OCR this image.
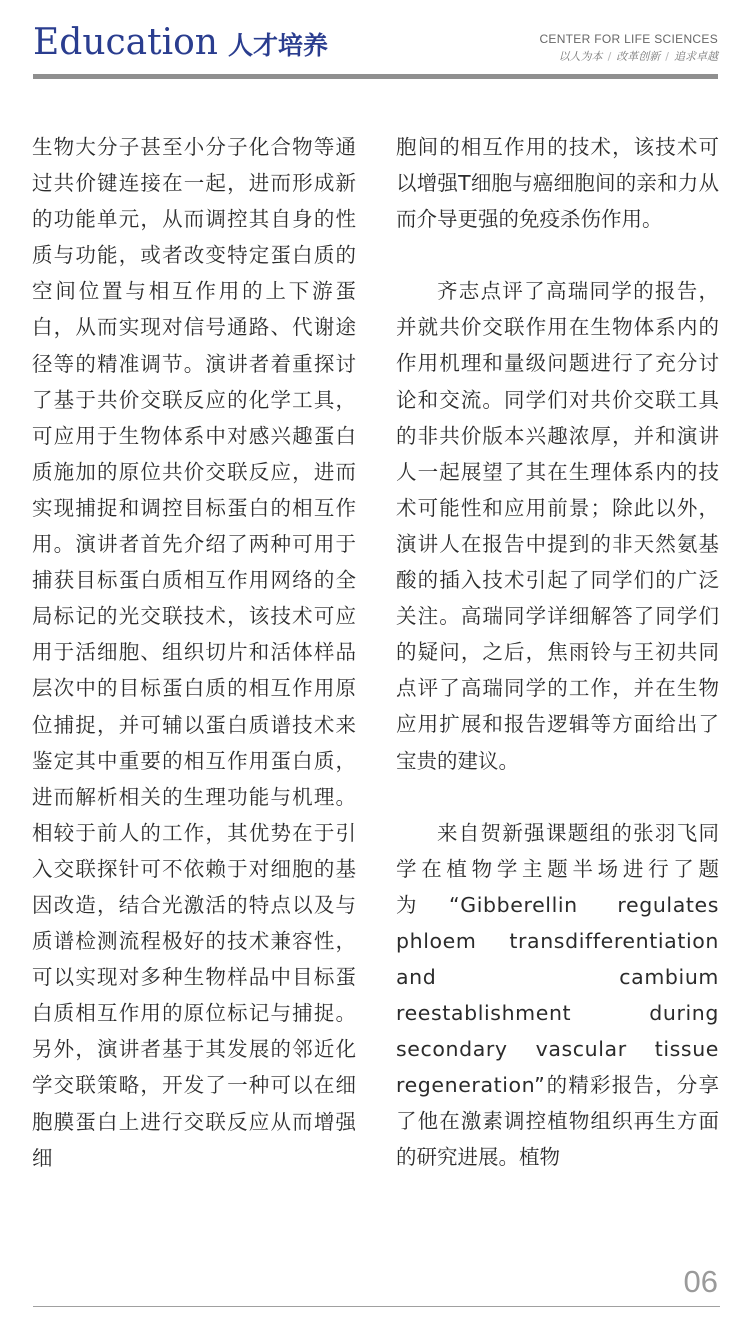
Education 人才培养	CENTER FOR LIFE SCIENCES
以人为本 / 改革创新 / 追求卓越

生物大分子甚至小分子化合物等通过共价键连接在一起，进而形成新的功能单元，从而调控其自身的性质与功能，或者改变特定蛋白质的空间位置与相互作用的上下游蛋白，从而实现对信号通路、代谢途径等的精准调节。演讲者着重探讨了基于共价交联反应的化学工具，可应用于生物体系中对感兴趣蛋白质施加的原位共价交联反应，进而实现捕捉和调控目标蛋白的相互作用。演讲者首先介绍了两种可用于捕获目标蛋白质相互作用网络的全局标记的光交联技术，该技术可应用于活细胞、组织切片和活体样品层次中的目标蛋白质的相互作用原位捕捉，并可辅以蛋白质谱技术来鉴定其中重要的相互作用蛋白质，进而解析相关的生理功能与机理。相较于前人的工作，其优势在于引入交联探针可不依赖于对细胞的基因改造，结合光激活的特点以及与质谱检测流程极好的技术兼容性，可以实现对多种生物样品中目标蛋白质相互作用的原位标记与捕捉。另外，演讲者基于其发展的邻近化学交联策略，开发了一种可以在细胞膜蛋白上进行交联反应从而增强细

胞间的相互作用的技术，该技术可以增强T细胞与癌细胞间的亲和力从而介导更强的免疫杀伤作用。

齐志点评了高瑞同学的报告，并就共价交联作用在生物体系内的作用机理和量级问题进行了充分讨论和交流。同学们对共价交联工具的非共价版本兴趣浓厚，并和演讲人一起展望了其在生理体系内的技术可能性和应用前景；除此以外，演讲人在报告中提到的非天然氨基酸的插入技术引起了同学们的广泛关注。高瑞同学详细解答了同学们的疑问，之后，焦雨铃与王初共同点评了高瑞同学的工作，并在生物应用扩展和报告逻辑等方面给出了宝贵的建议。

来自贺新强课题组的张羽飞同学在植物学主题半场进行了题为“Gibberellin regulates phloem transdifferentiation and cambium reestablishment during secondary vascular tissue regeneration”的精彩报告，分享了他在激素调控植物组织再生方面的研究进展。植物

06
